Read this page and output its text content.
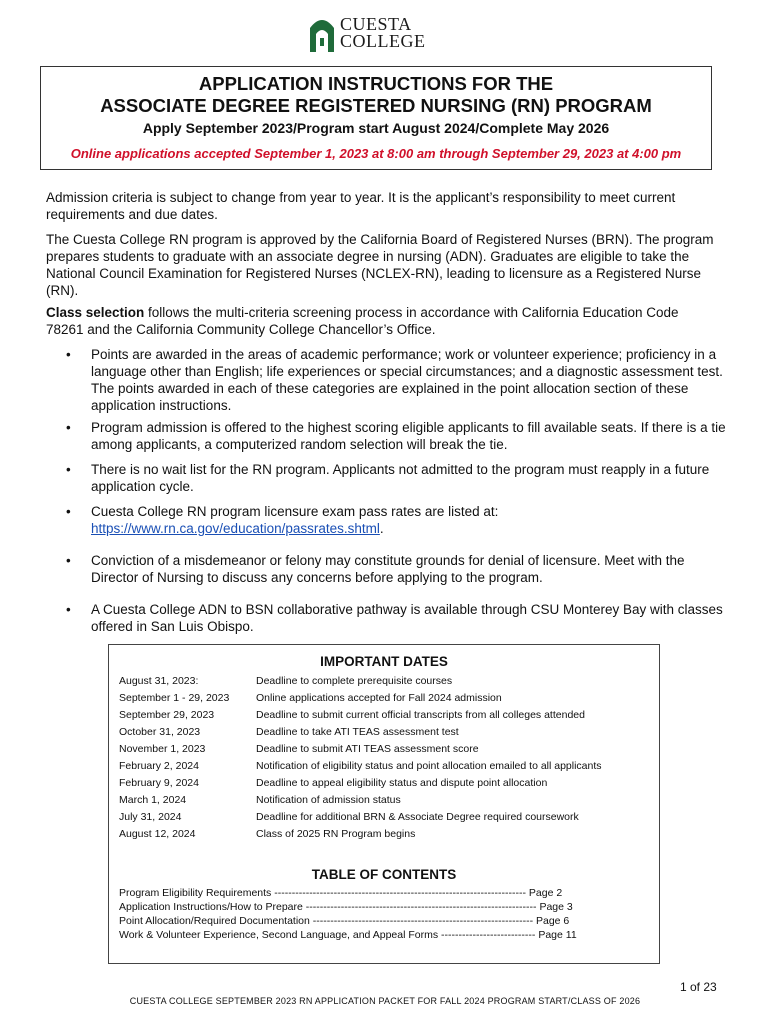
CUESTA
COLLEGE
APPLICATION INSTRUCTIONS FOR THE
ASSOCIATE DEGREE REGISTERED NURSING (RN) PROGRAM
Apply September 2023/Program start August 2024/Complete May 2026
Online applications accepted September 1, 2023 at 8:00 am through September 29, 2023 at 4:00 pm
Admission criteria is subject to change from year to year. It is the applicant’s responsibility to meet current requirements and due dates.
The Cuesta College RN program is approved by the California Board of Registered Nurses (BRN). The program prepares students to graduate with an associate degree in nursing (ADN). Graduates are eligible to take the National Council Examination for Registered Nurses (NCLEX-RN), leading to licensure as a Registered Nurse (RN).
Class selection follows the multi-criteria screening process in accordance with California Education Code 78261 and the California Community College Chancellor’s Office.
• Points are awarded in the areas of academic performance; work or volunteer experience; proficiency in a language other than English; life experiences or special circumstances; and a diagnostic assessment test. The points awarded in each of these categories are explained in the point allocation section of these application instructions.
• Program admission is offered to the highest scoring eligible applicants to fill available seats. If there is a tie among applicants, a computerized random selection will break the tie.
• There is no wait list for the RN program. Applicants not admitted to the program must reapply in a future application cycle.
• Cuesta College RN program licensure exam pass rates are listed at:
https://www.rn.ca.gov/education/passrates.shtml.
• Conviction of a misdemeanor or felony may constitute grounds for denial of licensure. Meet with the Director of Nursing to discuss any concerns before applying to the program.
• A Cuesta College ADN to BSN collaborative pathway is available through CSU Monterey Bay with classes offered in San Luis Obispo.
IMPORTANT DATES
August 31, 2023:	Deadline to complete prerequisite courses
September 1 - 29, 2023	Online applications accepted for Fall 2024 admission
September 29, 2023	Deadline to submit current official transcripts from all colleges attended
October 31, 2023	Deadline to take ATI TEAS assessment test
November 1, 2023	Deadline to submit ATI TEAS assessment score
February 2, 2024	Notification of eligibility status and point allocation emailed to all applicants
February 9, 2024	Deadline to appeal eligibility status and dispute point allocation
March 1, 2024	Notification of admission status
July 31, 2024	Deadline for additional BRN & Associate Degree required coursework
August 12, 2024	Class of 2025 RN Program begins
TABLE OF CONTENTS
Program Eligibility Requirements ------------------------------------------------------------------------ Page 2
Application Instructions/How to Prepare ------------------------------------------------------------------ Page 3
Point Allocation/Required Documentation --------------------------------------------------------------- Page 6
Work & Volunteer Experience, Second Language, and Appeal Forms --------------------------- Page 11
1 of 23
CUESTA COLLEGE SEPTEMBER 2023 RN APPLICATION PACKET FOR FALL 2024 PROGRAM START/CLASS OF 2026
